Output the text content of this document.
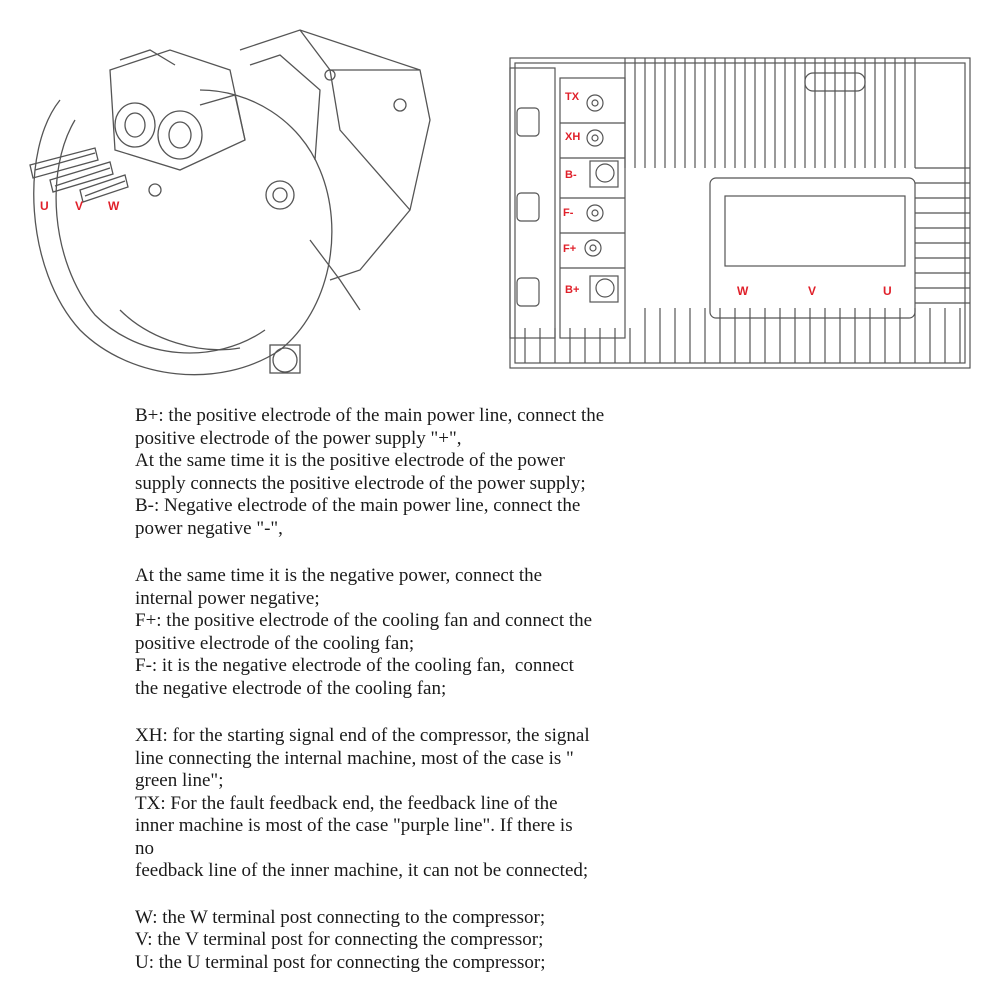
U V W
TX
XH
B-
F-
F+
B+	W	V	U

B+: the positive electrode of the main power line, connect the

positive electrode of the power supply "+",

At the same time it is the positive electrode of the power

supply connects the positive electrode of the power supply;

B-: Negative electrode of the main power line, connect the

power negative "-",

At the same time it is the negative power, connect the

internal power negative;

F+: the positive electrode of the cooling fan and connect the

positive electrode of the cooling fan;

F-: it is the negative electrode of the cooling fan,  connect

the negative electrode of the cooling fan;

XH: for the starting signal end of the compressor, the signal

line connecting the internal machine, most of the case is "

green line";

TX: For the fault feedback end, the feedback line of the

inner machine is most of the case "purple line". If there is

no

feedback line of the inner machine, it can not be connected;

W: the W terminal post connecting to the compressor;

V: the V terminal post for connecting the compressor;

U: the U terminal post for connecting the compressor;
